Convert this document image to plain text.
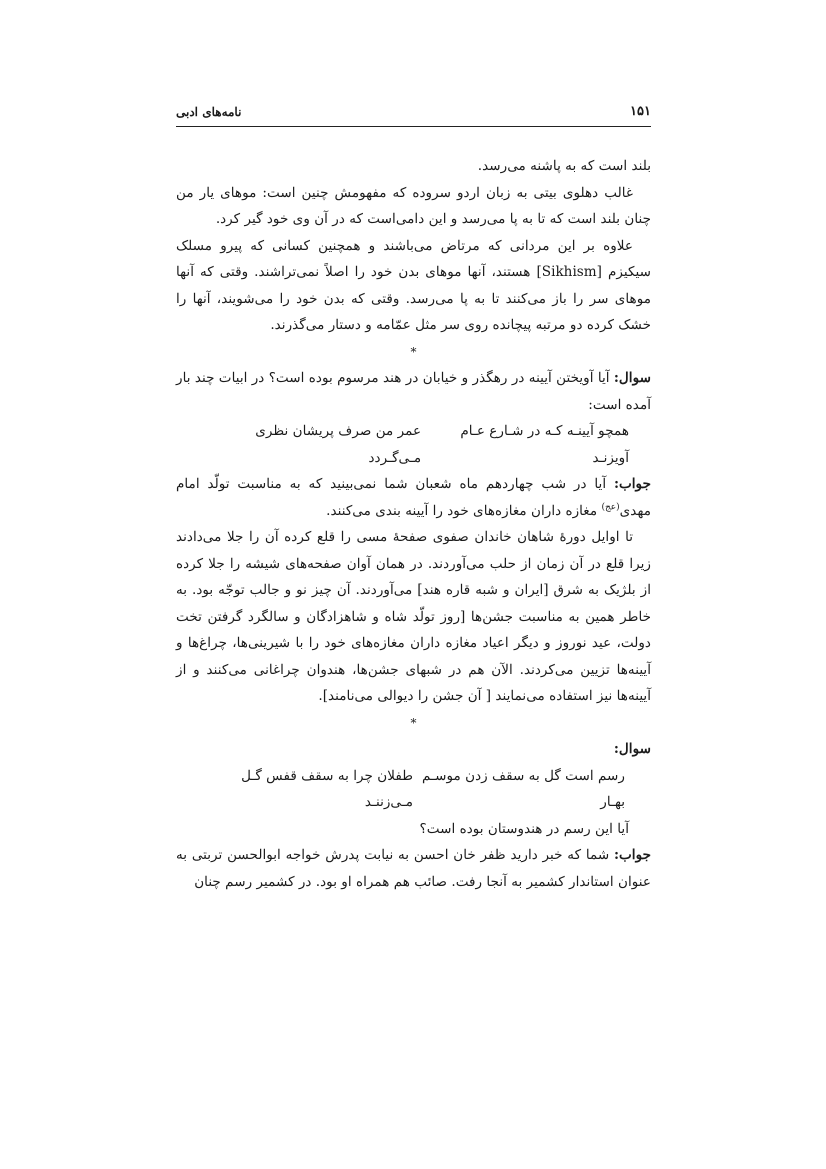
۱۵۱
نامه‌های ادبی

بلند است که به پاشنه می‌رسد.

غالب دهلوی بیتی به زبان اردو سروده که مفهومش چنین است: موهای یار من چنان بلند است که تا به پا می‌رسد و این دامی‌است که در آن وی خود گیر کرد.

علاوه بر این مردانی که مرتاض می‌باشند و همچنین کسانی که پیرو مسلک سیکیزم [Sikhism] هستند، آنها موهای بدن خود را اصلاً نمی‌تراشند. وقتی که آنها موهای سر را باز می‌کنند تا به پا می‌رسد. وقتی که بدن خود را می‌شویند، آنها را خشک کرده دو مرتبه پیچانده روی سر مثل عمّامه و دستار می‌گذرند.

*

سوال: آیا آویختن آیینه در رهگذر و خیابان در هند مرسوم بوده است؟ در ابیات چند بار آمده است:

همچو آیینـه کـه در شـارع عـام آویزنـد
عمر من صرف پریشان نظری مـی‌گـردد

جواب: آیا در شب چهاردهم ماه شعبان شما نمی‌بینید که به مناسبت تولّد امام مهدی$^{(عج)}$ مغازه داران مغازه‌های خود را آیینه بندی می‌کنند.

تا اوایل دورهٔ شاهان خاندان صفوی صفحهٔ مسی را قلع کرده آن را جلا می‌دادند زیرا قلع در آن زمان از حلب می‌آوردند. در همان آوان صفحه‌های شیشه را جلا کرده از بلژیک به شرق [ایران و شبه قاره هند] می‌آوردند. آن چیز نو و جالب توجّه بود. به خاطر همین به مناسبت جشن‌ها [روز تولّد شاه و شاهزادگان و سالگرد گرفتن تخت دولت، عید نوروز و دیگر اعیاد مغازه داران مغازه‌های خود را با شیرینی‌ها، چراغ‌ها و آیینه‌ها تزیین می‌کردند. الآن هم در شبهای جشن‌ها، هندوان چراغانی می‌کنند و از آیینه‌ها نیز استفاده می‌نمایند [ آن جشن را دیوالی می‌نامند].

*

سوال:

رسم است گل به سقف زدن موسـم بهـار
طفلان چرا به سقف قفس گـل مـی‌زننـد

آیا این رسم در هندوستان بوده است؟

جواب: شما که خبر دارید ظفر خان احسن به نیابت پدرش خواجه ابوالحسن تربتی به عنوان استاندار کشمیر به آنجا رفت. صائب هم همراه او بود. در کشمیر رسم چنان
